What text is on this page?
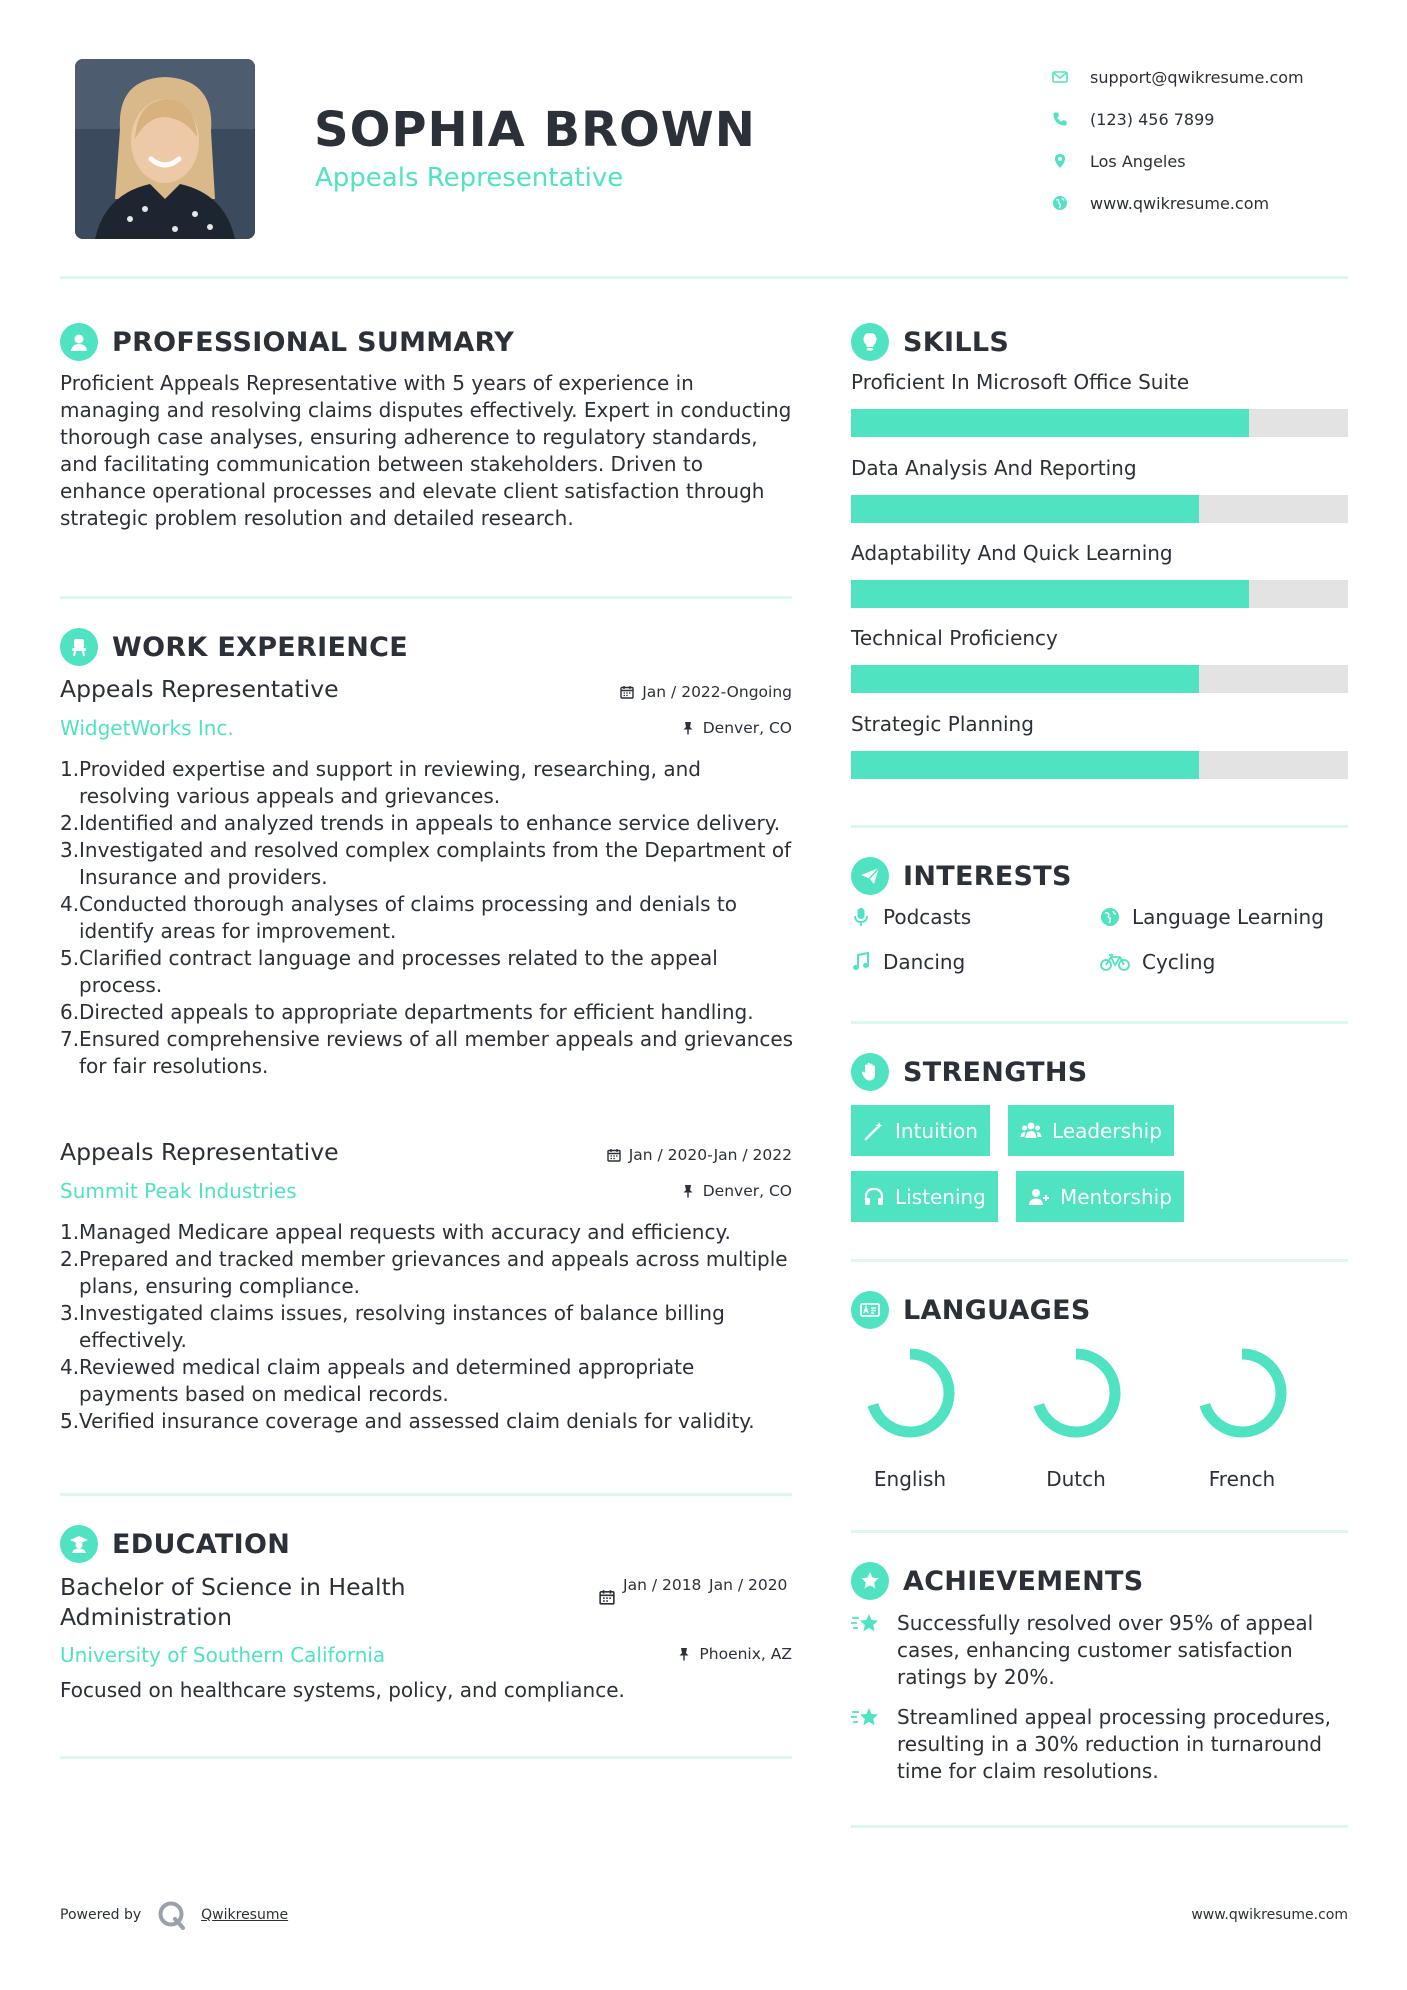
SOPHIA BROWN
Appeals Representative
support@qwikresume.com
(123) 456 7899
Los Angeles
www.qwikresume.com
PROFESSIONAL SUMMARY
Proficient Appeals Representative with 5 years of experience in managing and resolving claims disputes effectively. Expert in conducting thorough case analyses, ensuring adherence to regulatory standards, and facilitating communication between stakeholders. Driven to enhance operational processes and elevate client satisfaction through strategic problem resolution and detailed research.
WORK EXPERIENCE
Appeals Representative	Jan / 2022-Ongoing
WidgetWorks Inc.	Denver, CO
1. Provided expertise and support in reviewing, researching, and resolving various appeals and grievances.
2. Identified and analyzed trends in appeals to enhance service delivery.
3. Investigated and resolved complex complaints from the Department of Insurance and providers.
4. Conducted thorough analyses of claims processing and denials to identify areas for improvement.
5. Clarified contract language and processes related to the appeal process.
6. Directed appeals to appropriate departments for efficient handling.
7. Ensured comprehensive reviews of all member appeals and grievances for fair resolutions.
Appeals Representative	Jan / 2020-Jan / 2022
Summit Peak Industries	Denver, CO
1. Managed Medicare appeal requests with accuracy and efficiency.
2. Prepared and tracked member grievances and appeals across multiple plans, ensuring compliance.
3. Investigated claims issues, resolving instances of balance billing effectively.
4. Reviewed medical claim appeals and determined appropriate payments based on medical records.
5. Verified insurance coverage and assessed claim denials for validity.
EDUCATION
Bachelor of Science in Health Administration
Jan / 2018 Jan / 2020
University of Southern California	Phoenix, AZ
Focused on healthcare systems, policy, and compliance.
SKILLS
Proficient In Microsoft Office Suite
Data Analysis And Reporting
Adaptability And Quick Learning
Technical Proficiency
Strategic Planning
INTERESTS
Podcasts	Language Learning
Dancing	Cycling
STRENGTHS
Intuition	Leadership
Listening	Mentorship
LANGUAGES
English	Dutch	French
ACHIEVEMENTS
Successfully resolved over 95% of appeal cases, enhancing customer satisfaction ratings by 20%.
Streamlined appeal processing procedures, resulting in a 30% reduction in turnaround time for claim resolutions.
Powered by	Qwikresume	www.qwikresume.com
